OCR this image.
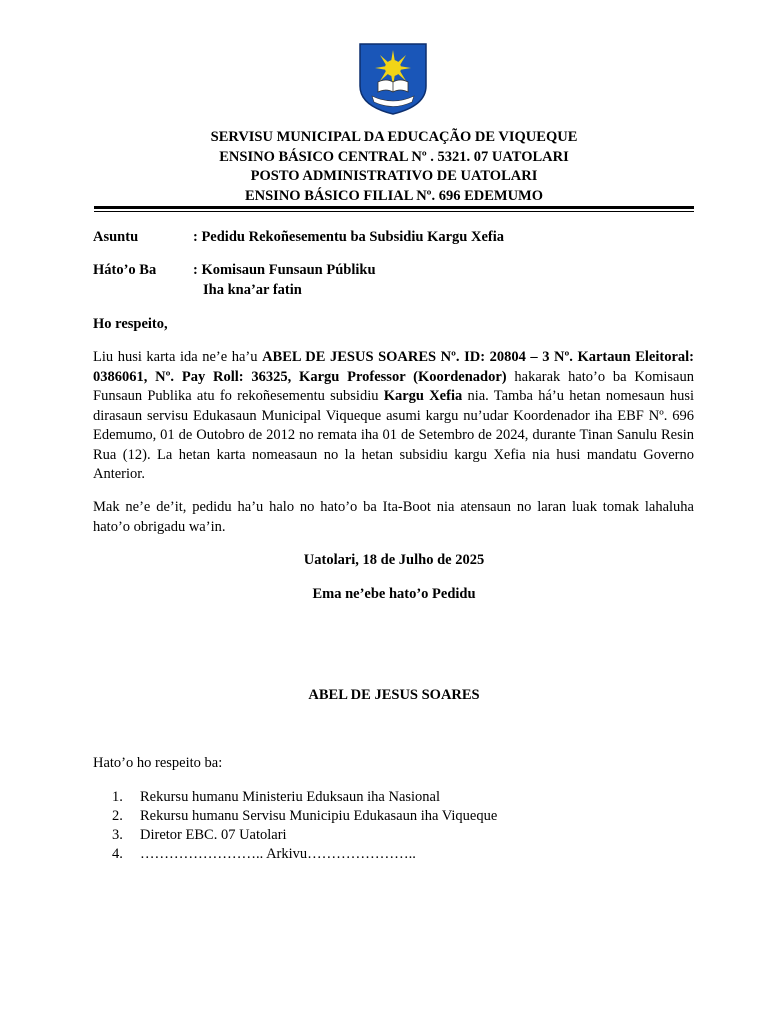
SERVISU MUNICIPAL DA EDUCAÇÃO DE VIQUEQUE
ENSINO BÁSICO CENTRAL Nº . 5321. 07 UATOLARI
POSTO ADMINISTRATIVO DE UATOLARI
ENSINO BÁSICO FILIAL Nº. 696 EDEMUMO
Asuntu	: Pedidu Rekoñesementu ba Subsidiu Kargu Xefia
Háto’o Ba	: Komisaun Funsaun Públiku
Iha kna’ar fatin
Ho respeito,
Liu husi karta ida ne’e ha’u ABEL DE JESUS SOARES Nº. ID: 20804 – 3 Nº. Kartaun Eleitoral: 0386061, Nº. Pay Roll: 36325, Kargu Professor (Koordenador) hakarak hato’o ba Komisaun Funsaun Publika atu fo rekoñesementu subsidiu Kargu Xefia nia. Tamba há’u hetan nomesaun husi dirasaun servisu Edukasaun Municipal Viqueque asumi kargu nu’udar Koordenador iha EBF Nº. 696 Edemumo, 01 de Outobro de 2012 no remata iha 01 de Setembro de 2024, durante Tinan Sanulu Resin Rua (12). La hetan karta nomeasaun no la hetan subsidiu kargu Xefia nia husi mandatu Governo Anterior.
Mak ne’e de’it, pedidu ha’u halo no hato’o ba Ita-Boot nia atensaun no laran luak tomak lahaluha hato’o obrigadu wa’in.
Uatolari, 18 de Julho de 2025
Ema ne’ebe hato’o Pedidu
ABEL DE JESUS SOARES
Hato’o ho respeito ba:
1. Rekursu humanu Ministeriu Eduksaun iha Nasional
2. Rekursu humanu Servisu Municipiu Edukasaun iha Viqueque
3. Diretor EBC. 07 Uatolari
4. …………………….. Arkivu…………………..
